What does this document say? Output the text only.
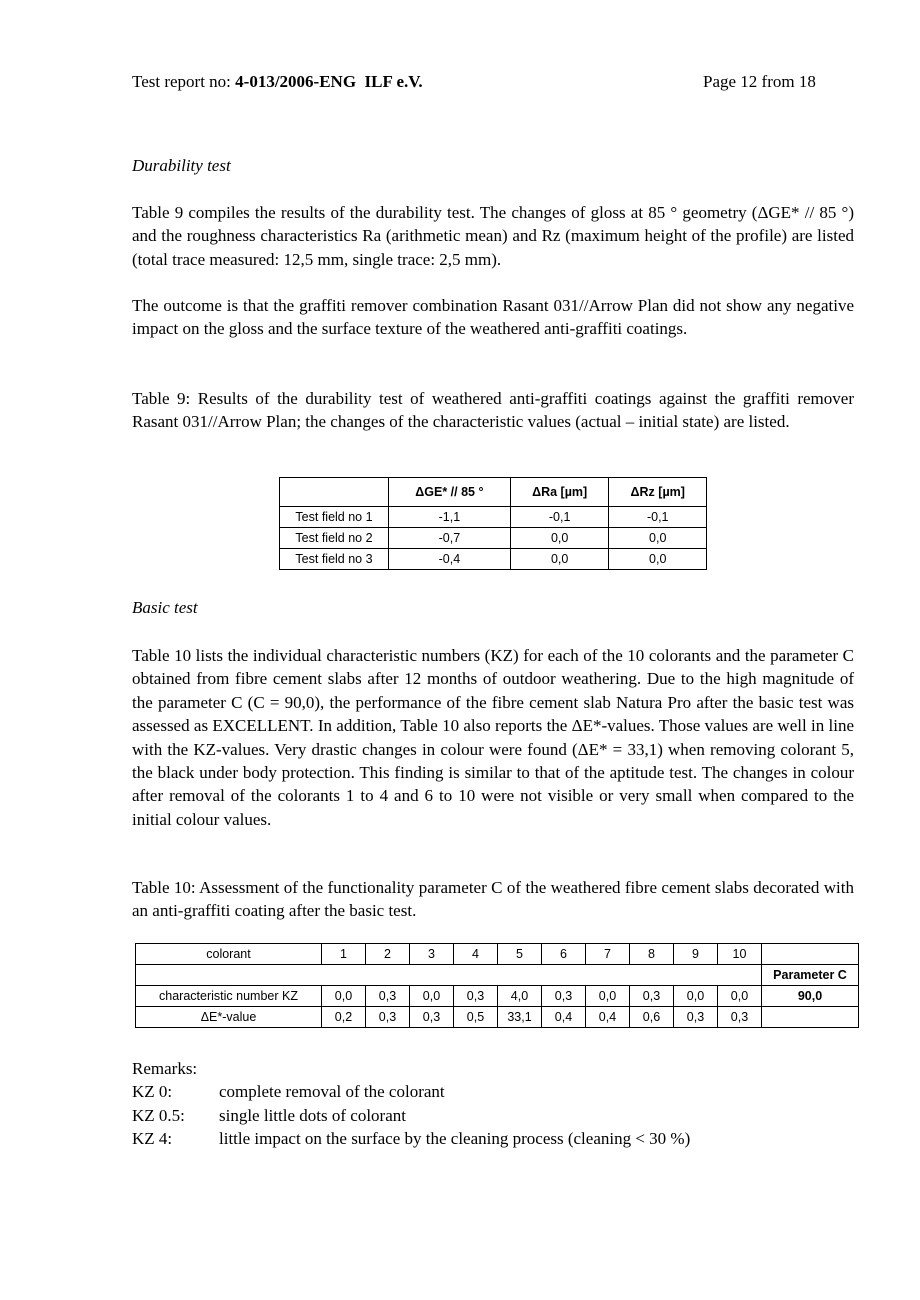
Test report no: 4-013/2006-ENG ILF e.V.	Page 12 from 18
Durability test

Table 9 compiles the results of the durability test. The changes of gloss at 85 ° geometry (ΔGE* // 85 °) and the roughness characteristics Ra (arithmetic mean) and Rz (maximum height of the profile) are listed (total trace measured: 12,5 mm, single trace: 2,5 mm).

The outcome is that the graffiti remover combination Rasant 031//Arrow Plan did not show any negative impact on the gloss and the surface texture of the weathered anti-graffiti coatings.

Table 9: Results of the durability test of weathered anti-graffiti coatings against the graffiti remover Rasant 031//Arrow Plan; the changes of the characteristic values (actual – initial state) are listed.

	ΔGE* // 85 °	ΔRa [µm]	ΔRz [µm]
Test field no 1	-1,1	-0,1	-0,1
Test field no 2	-0,7	0,0	0,0
Test field no 3	-0,4	0,0	0,0
Basic test

Table 10 lists the individual characteristic numbers (KZ) for each of the 10 colorants and the parameter C obtained from fibre cement slabs after 12 months of outdoor weathering. Due to the high magnitude of the parameter C (C = 90,0), the performance of the fibre cement slab Natura Pro after the basic test was assessed as EXCELLENT. In addition, Table 10 also reports the ΔE*-values. Those values are well in line with the KZ-values. Very drastic changes in colour were found (ΔE* = 33,1) when removing colorant 5, the black under body protection. This finding is similar to that of the aptitude test. The changes in colour after removal of the colorants 1 to 4 and 6 to 10 were not visible or very small when compared to the initial colour values.

Table 10: Assessment of the functionality parameter C of the weathered fibre cement slabs decorated with an anti-graffiti coating after the basic test.

colorant	1	2	3	4	5	6	7	8	9	10	
											Parameter C
characteristic number KZ	0,0	0,3	0,0	0,3	4,0	0,3	0,0	0,3	0,0	0,0	90,0
ΔE*-value	0,2	0,3	0,3	0,5	33,1	0,4	0,4	0,6	0,3	0,3	
Remarks:
KZ 0:	complete removal of the colorant
KZ 0.5:	single little dots of colorant
KZ 4:	little impact on the surface by the cleaning process (cleaning < 30 %)
